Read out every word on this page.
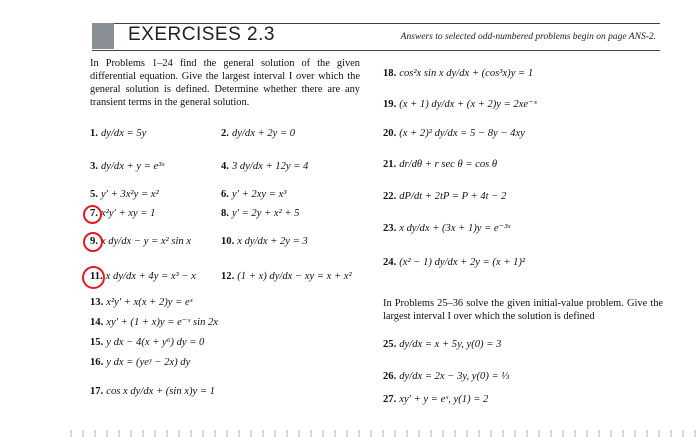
EXERCISES 2.3	Answers to selected odd-numbered problems begin on page ANS-2.
In Problems 1–24 find the general solution of the given differential equation. Give the largest interval I over which the general solution is defined. Determine whether there are any transient terms in the general solution.
1. dy/dx = 5y
3. dy/dx + y = e³ˣ
5. y′ + 3x²y = x²
7. x²y′ + xy = 1
9. x dy/dx − y = x² sin x
11. x dy/dx + 4y = x³ − x
2. dy/dx + 2y = 0
4. 3 dy/dx + 12y = 4
6. y′ + 2xy = x³
8. y′ = 2y + x² + 5
10. x dy/dx + 2y = 3
12. (1 + x) dy/dx − xy = x + x²
13. x²y′ + x(x + 2)y = eˣ
14. xy′ + (1 + x)y = e⁻ˣ sin 2x
15. y dx − 4(x + y⁶) dy = 0
16. y dx = (yeʸ − 2x) dy
17. cos x dy/dx + (sin x)y = 1
18. cos²x sin x dy/dx + (cos³x)y = 1
19. (x + 1) dy/dx + (x + 2)y = 2xe⁻ˣ
20. (x + 2)² dy/dx = 5 − 8y − 4xy
21. dr/dθ + r sec θ = cos θ
22. dP/dt + 2tP = P + 4t − 2
23. x dy/dx + (3x + 1)y = e⁻³ˣ
24. (x² − 1) dy/dx + 2y = (x + 1)²
In Problems 25–36 solve the given initial-value problem. Give the largest interval I over which the solution is defined
25. dy/dx = x + 5y, y(0) = 3
26. dy/dx = 2x − 3y, y(0) = ⅓
27. xy′ + y = eˣ, y(1) = 2
